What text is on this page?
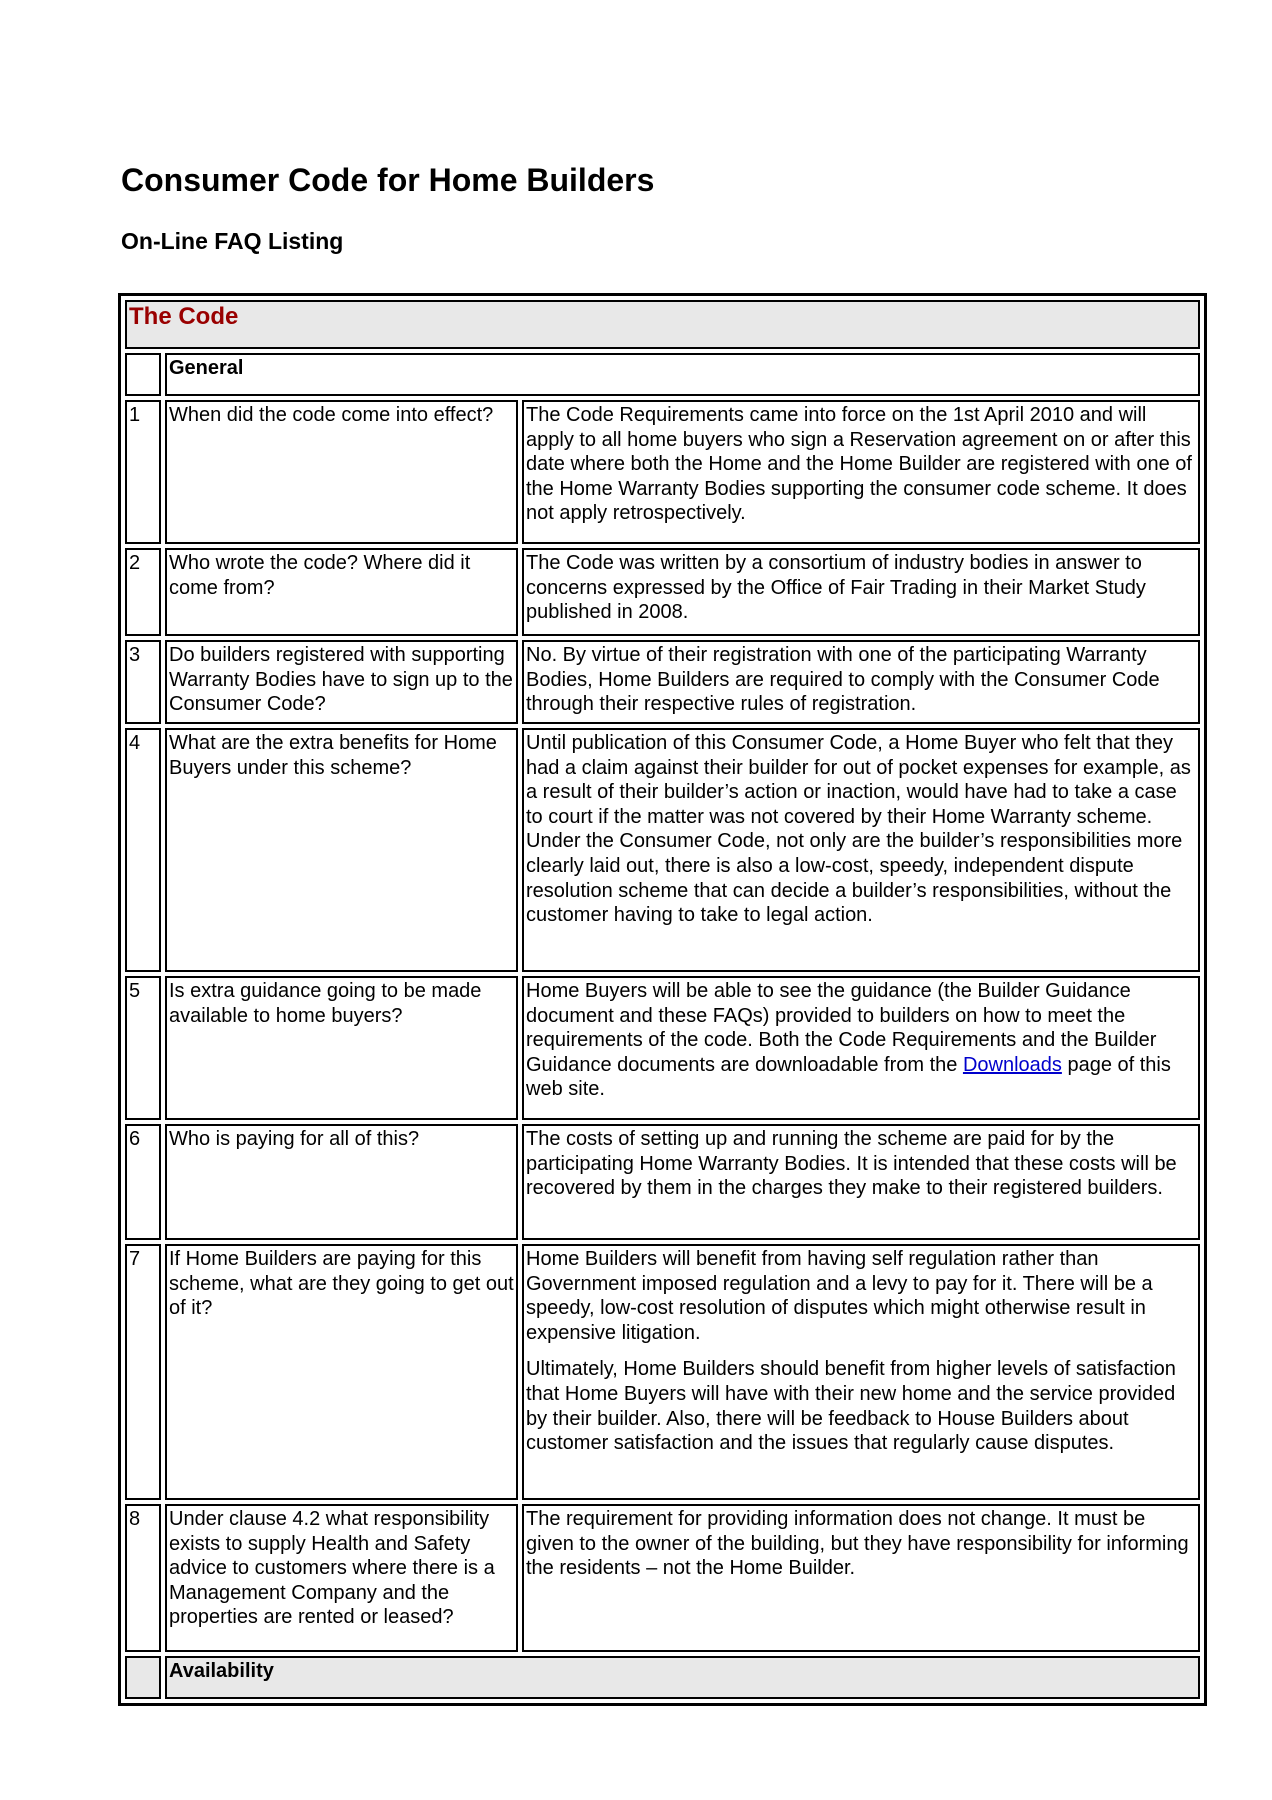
Consumer Code for Home Builders
On-Line FAQ Listing
The Code		
	General	
1	When did the code come into effect?	The Code Requirements came into force on the 1st April 2010 and will apply to all home buyers who sign a Reservation agreement on or after this date where both the Home and the Home Builder are registered with one of the Home Warranty Bodies supporting the consumer code scheme. It does not apply retrospectively.

2	Who wrote the code? Where did it come from?	The Code was written by a consortium of industry bodies in answer to concerns expressed by the Office of Fair Trading in their Market Study published in 2008.

3	Do builders registered with supporting Warranty Bodies have to sign up to the Consumer Code?	No. By virtue of their registration with one of the participating Warranty Bodies, Home Builders are required to comply with the Consumer Code through their respective rules of registration.

4	What are the extra benefits for Home Buyers under this scheme?	Until publication of this Consumer Code, a Home Buyer who felt that they had a claim against their builder for out of pocket expenses for example, as a result of their builder’s action or inaction, would have had to take a case to court if the matter was not covered by their Home Warranty scheme. Under the Consumer Code, not only are the builder’s responsibilities more clearly laid out, there is also a low-cost, speedy, independent dispute resolution scheme that can decide a builder’s responsibilities, without the customer having to take to legal action.

5	Is extra guidance going to be made available to home buyers?	Home Buyers will be able to see the guidance (the Builder Guidance document and these FAQs) provided to builders on how to meet the requirements of the code. Both the Code Requirements and the Builder Guidance documents are downloadable from the Downloads page of this web site.

6	Who is paying for all of this?	The costs of setting up and running the scheme are paid for by the participating Home Warranty Bodies. It is intended that these costs will be recovered by them in the charges they make to their registered builders.

7	If Home Builders are paying for this scheme, what are they going to get out of it?	Home Builders will benefit from having self regulation rather than Government imposed regulation and a levy to pay for it. There will be a speedy, low-cost resolution of disputes which might otherwise result in expensive litigation.

Ultimately, Home Builders should benefit from higher levels of satisfaction that Home Buyers will have with their new home and the service provided by their builder. Also, there will be feedback to House Builders about customer satisfaction and the issues that regularly cause disputes.

8	Under clause 4.2 what responsibility exists to supply Health and Safety advice to customers where there is a Management Company and the properties are rented or leased?	The requirement for providing information does not change. It must be given to the owner of the building, but they have responsibility for informing the residents – not the Home Builder.

	Availability	
